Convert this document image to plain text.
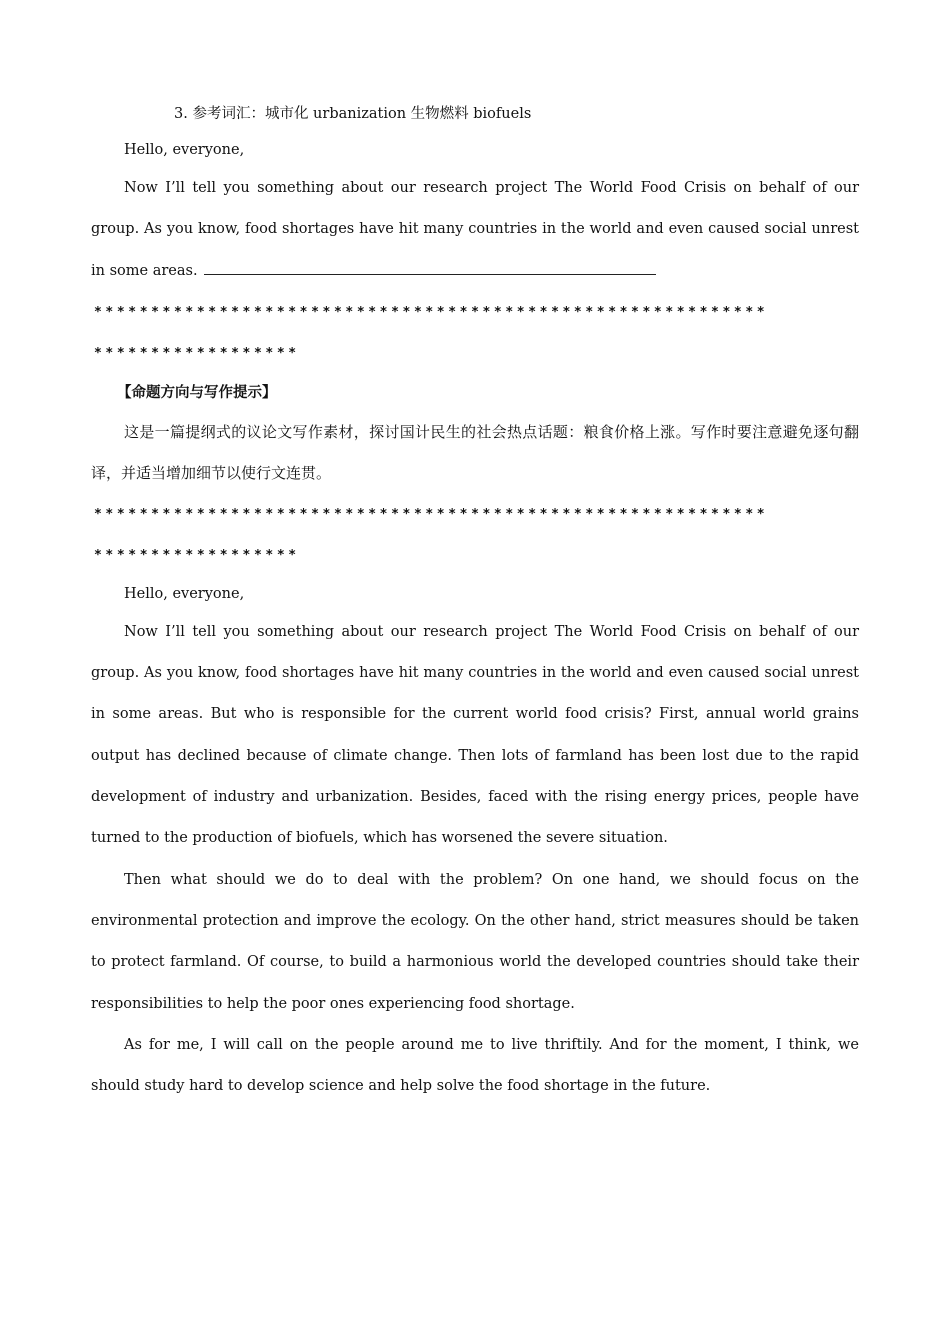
3. 参考词汇：城市化 urbanization 生物燃料 biofuels
Hello, everyone,

Now I’ll tell you something about our research project The World Food Crisis on behalf of our group. As you know, food shortages have hit many countries in the world and even caused social unrest in some areas.

***********************************************************
******************
【命题方向与写作提示】

这是一篇提纲式的议论文写作素材，探讨国计民生的社会热点话题：粮食价格上涨。写作时要注意避免逐句翻译，并适当增加细节以使行文连贯。

***********************************************************
******************
Hello, everyone,

Now I’ll tell you something about our research project The World Food Crisis on behalf of our group. As you know, food shortages have hit many countries in the world and even caused social unrest in some areas. But who is responsible for the current world food crisis? First, annual world grains output has declined because of climate change. Then lots of farmland has been lost due to the rapid development of industry and urbanization. Besides, faced with the rising energy prices, people have turned to the production of biofuels, which has worsened the severe situation.

Then what should we do to deal with the problem? On one hand, we should focus on the environmental protection and improve the ecology. On the other hand, strict measures should be taken to protect farmland. Of course, to build a harmonious world the developed countries should take their responsibilities to help the poor ones experiencing food shortage.

As for me, I will call on the people around me to live thriftily. And for the moment, I think, we should study hard to develop science and help solve the food shortage in the future.
